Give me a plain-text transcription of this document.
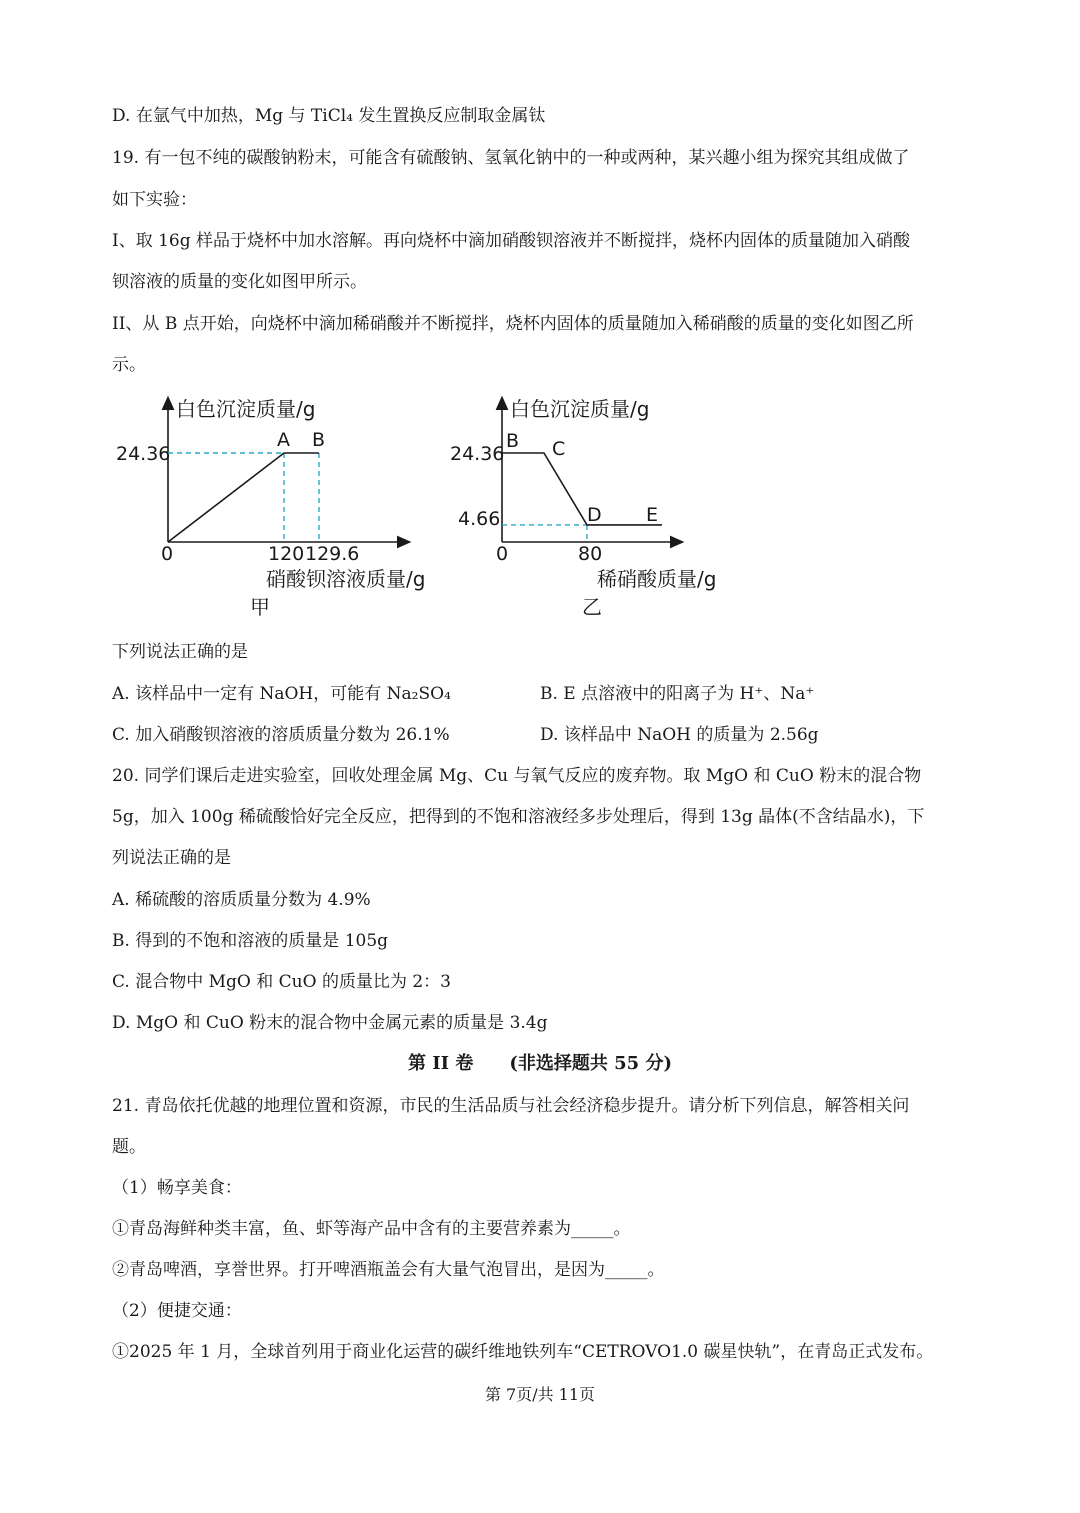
D. 在氩气中加热，Mg 与 TiCl₄ 发生置换反应制取金属钛
19. 有一包不纯的碳酸钠粉末，可能含有硫酸钠、氢氧化钠中的一种或两种，某兴趣小组为探究其组成做了
如下实验：
I、取 16g 样品于烧杯中加水溶解。再向烧杯中滴加硝酸钡溶液并不断搅拌，烧杯内固体的质量随加入硝酸
钡溶液的质量的变化如图甲所示。
II、从 B 点开始，向烧杯中滴加稀硝酸并不断搅拌，烧杯内固体的质量随加入稀硝酸的质量的变化如图乙所
示。
白色沉淀质量/g
24.36
A B
0	120 129.6
硝酸钡溶液质量/g
甲
白色沉淀质量/g
24.36
4.66
B C
D E
0	80
稀硝酸质量/g
乙
下列说法正确的是
A. 该样品中一定有 NaOH，可能有 Na₂SO₄	B. E 点溶液中的阳离子为 H⁺、Na⁺
C. 加入硝酸钡溶液的溶质质量分数为 26.1%	D. 该样品中 NaOH 的质量为 2.56g
20. 同学们课后走进实验室，回收处理金属 Mg、Cu 与氧气反应的废弃物。取 MgO 和 CuO 粉末的混合物
5g，加入 100g 稀硫酸恰好完全反应，把得到的不饱和溶液经多步处理后，得到 13g 晶体(不含结晶水)，下
列说法正确的是
A. 稀硫酸的溶质质量分数为 4.9%
B. 得到的不饱和溶液的质量是 105g
C. 混合物中 MgO 和 CuO 的质量比为 2：3
D. MgO 和 CuO 粉末的混合物中金属元素的质量是 3.4g
第 II 卷　　(非选择题共 55 分)
21. 青岛依托优越的地理位置和资源，市民的生活品质与社会经济稳步提升。请分析下列信息，解答相关问
题。
（1）畅享美食：
①青岛海鲜种类丰富，鱼、虾等海产品中含有的主要营养素为_____。
②青岛啤酒，享誉世界。打开啤酒瓶盖会有大量气泡冒出，是因为_____。
（2）便捷交通：
①2025 年 1 月，全球首列用于商业化运营的碳纤维地铁列车“CETROVO1.0 碳星快轨”，在青岛正式发布。
第 7页/共 11页
